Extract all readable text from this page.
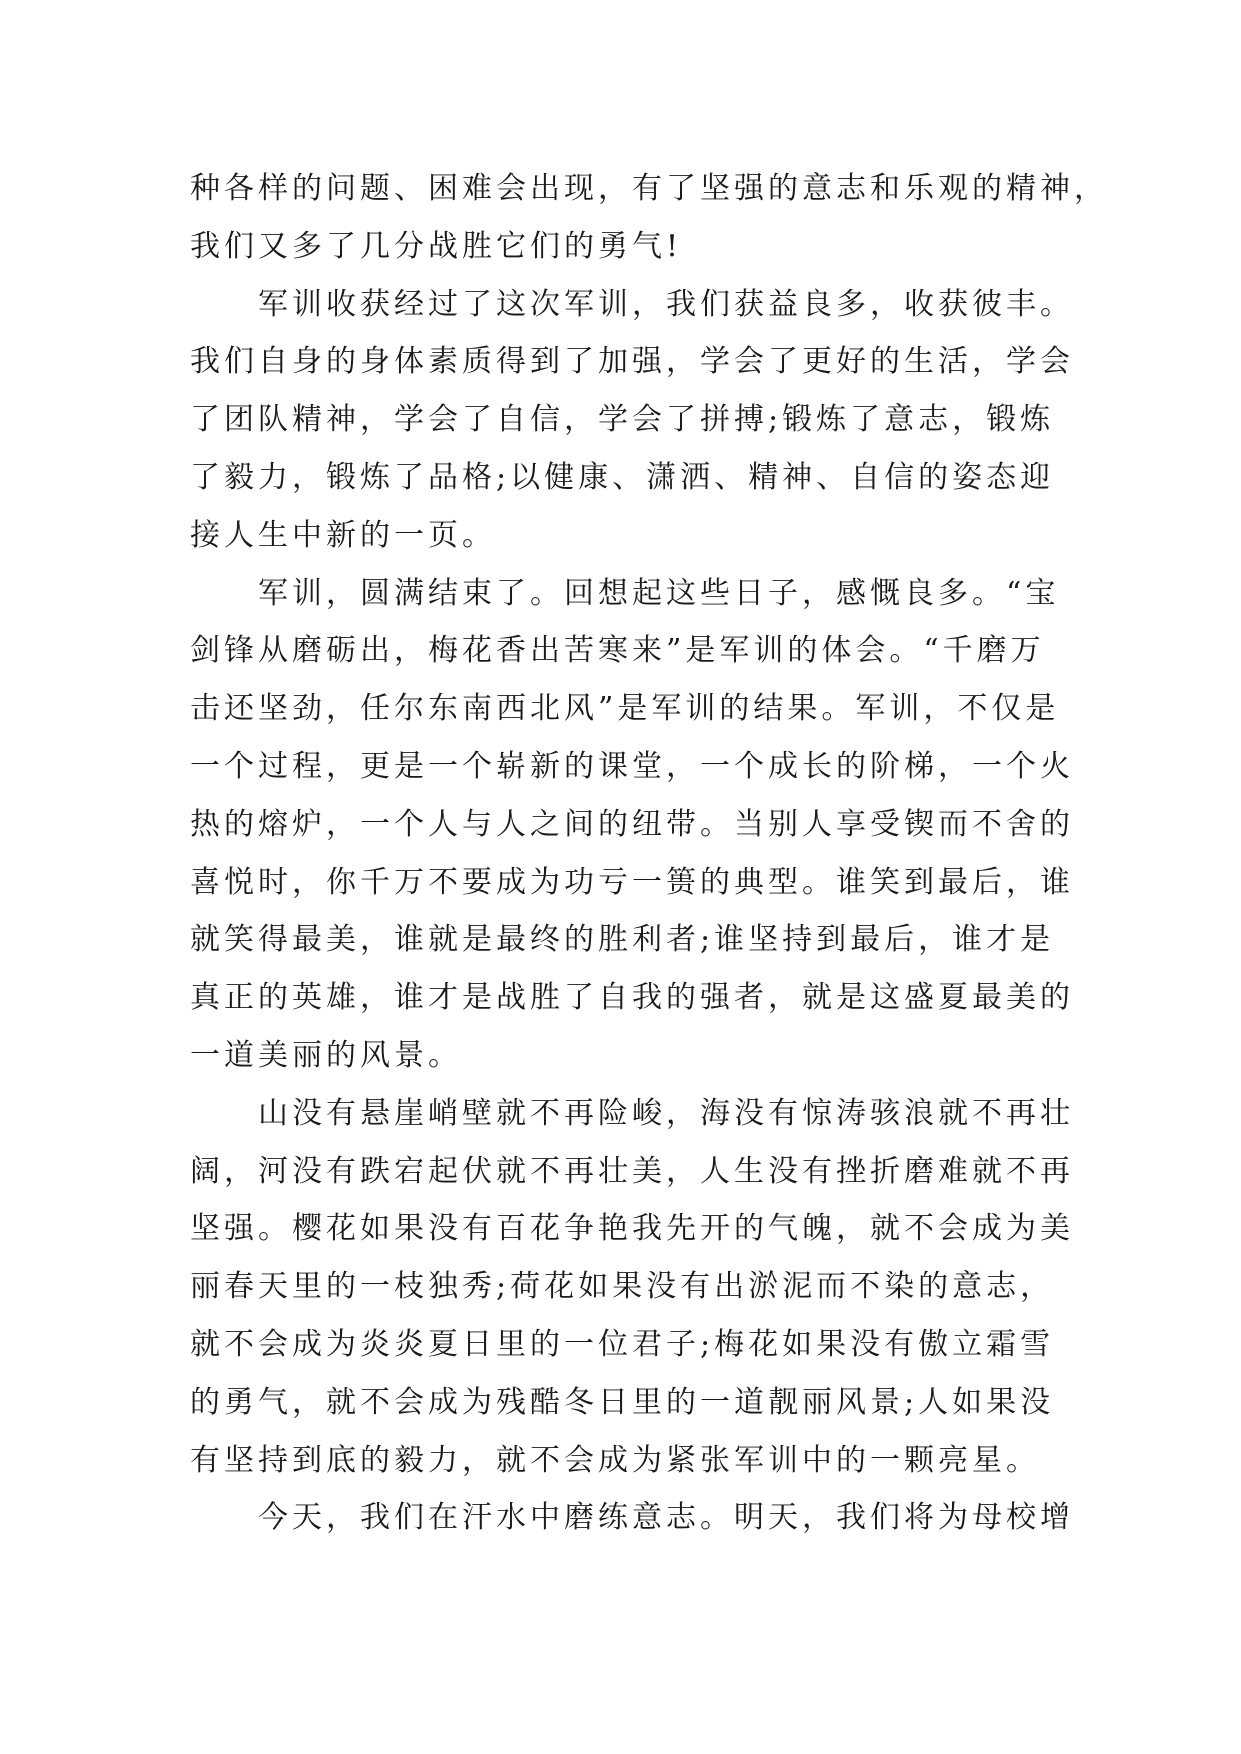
种各样的问题、困难会出现，有了坚强的意志和乐观的精神，
我们又多了几分战胜它们的勇气!
军训收获经过了这次军训，我们获益良多，收获彼丰。
我们自身的身体素质得到了加强，学会了更好的生活，学会
了团队精神，学会了自信，学会了拼搏;锻炼了意志，锻炼
了毅力，锻炼了品格;以健康、潇洒、精神、自信的姿态迎
接人生中新的一页。
军训，圆满结束了。回想起这些日子，感慨良多。“宝
剑锋从磨砺出，梅花香出苦寒来”是军训的体会。“千磨万
击还坚劲，任尔东南西北风”是军训的结果。军训，不仅是
一个过程，更是一个崭新的课堂，一个成长的阶梯，一个火
热的熔炉，一个人与人之间的纽带。当别人享受锲而不舍的
喜悦时，你千万不要成为功亏一篑的典型。谁笑到最后，谁
就笑得最美，谁就是最终的胜利者;谁坚持到最后，谁才是
真正的英雄，谁才是战胜了自我的强者，就是这盛夏最美的
一道美丽的风景。
山没有悬崖峭壁就不再险峻，海没有惊涛骇浪就不再壮
阔，河没有跌宕起伏就不再壮美，人生没有挫折磨难就不再
坚强。樱花如果没有百花争艳我先开的气魄，就不会成为美
丽春天里的一枝独秀;荷花如果没有出淤泥而不染的意志，
就不会成为炎炎夏日里的一位君子;梅花如果没有傲立霜雪
的勇气，就不会成为残酷冬日里的一道靓丽风景;人如果没
有坚持到底的毅力，就不会成为紧张军训中的一颗亮星。
今天，我们在汗水中磨练意志。明天，我们将为母校增
